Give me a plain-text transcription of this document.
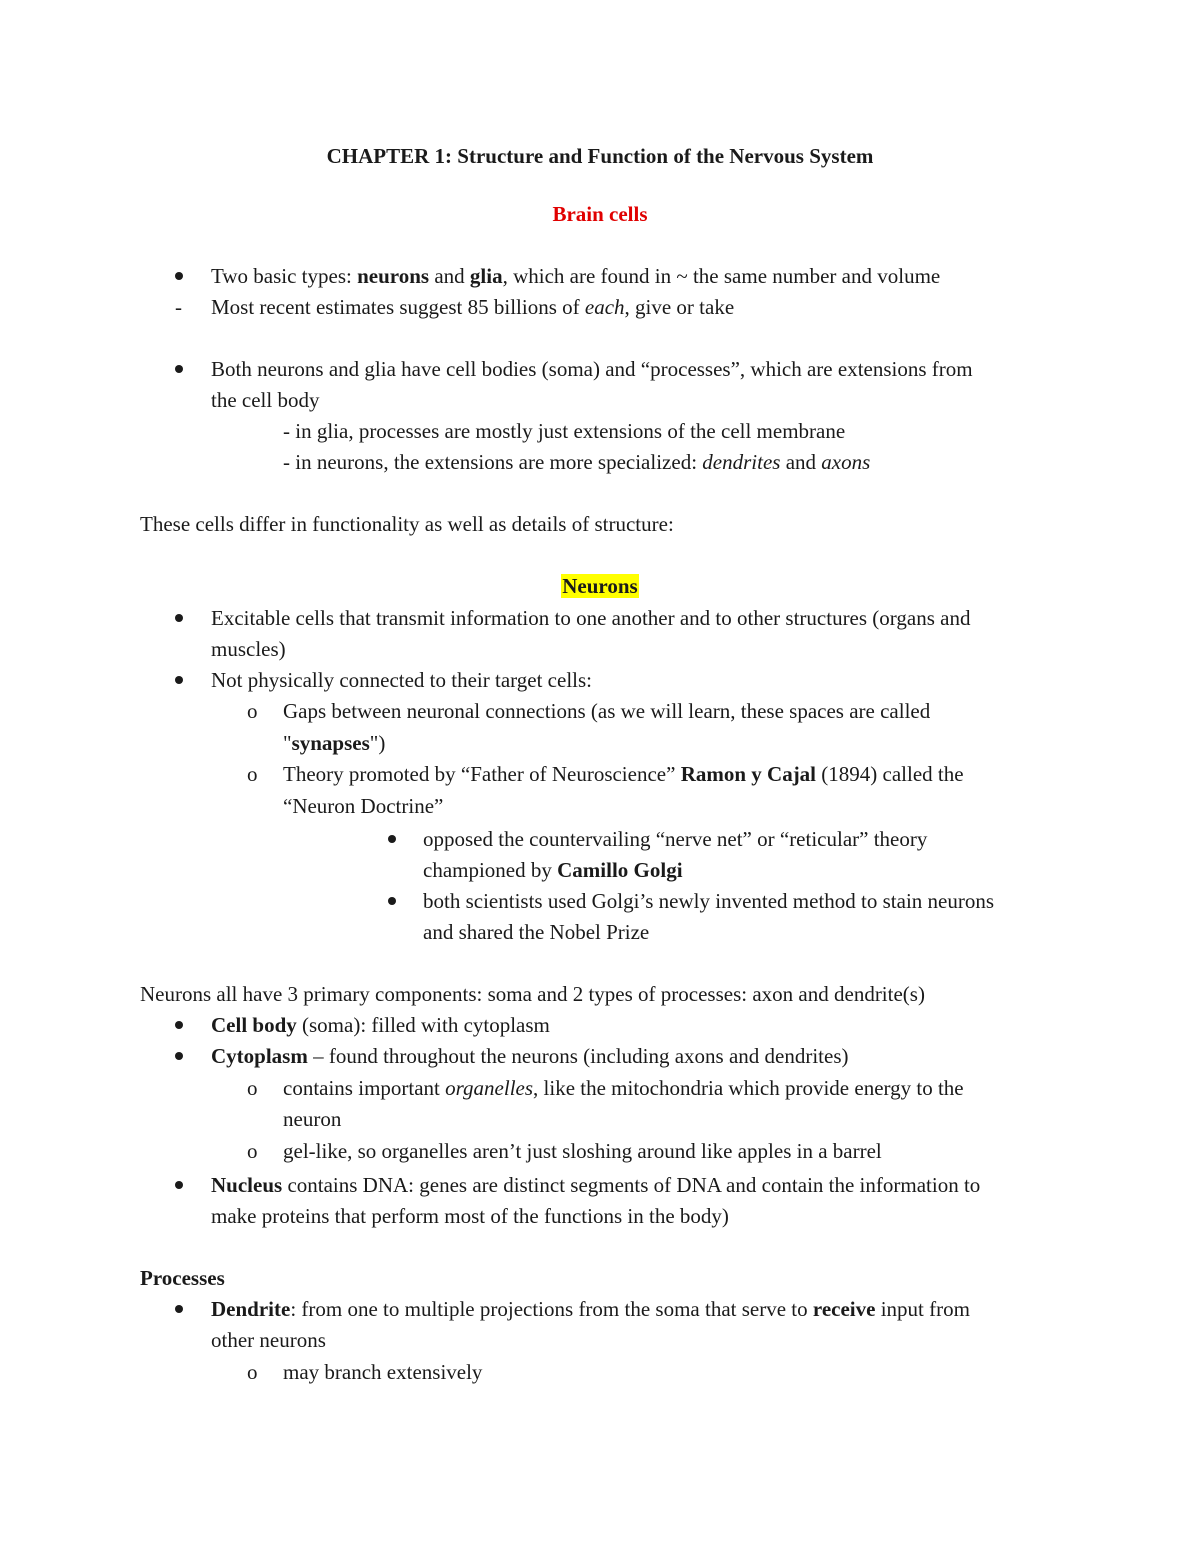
CHAPTER 1: Structure and Function of the Nervous System
Brain cells
Two basic types: neurons and glia, which are found in ~ the same number and volume
- Most recent estimates suggest 85 billions of each, give or take
Both neurons and glia have cell bodies (soma) and “processes”, which are extensions from
the cell body
- in glia, processes are mostly just extensions of the cell membrane
- in neurons, the extensions are more specialized: dendrites and axons
These cells differ in functionality as well as details of structure:
Neurons
Excitable cells that transmit information to one another and to other structures (organs and
muscles)
Not physically connected to their target cells:
o Gaps between neuronal connections (as we will learn, these spaces are called
"synapses")
o Theory promoted by “Father of Neuroscience” Ramon y Cajal (1894) called the
“Neuron Doctrine”
opposed the countervailing “nerve net” or “reticular” theory
championed by Camillo Golgi
both scientists used Golgi’s newly invented method to stain neurons
and shared the Nobel Prize
Neurons all have 3 primary components: soma and 2 types of processes: axon and dendrite(s)
Cell body (soma): filled with cytoplasm
Cytoplasm – found throughout the neurons (including axons and dendrites)
o contains important organelles, like the mitochondria which provide energy to the
neuron
o gel-like, so organelles aren’t just sloshing around like apples in a barrel
Nucleus contains DNA: genes are distinct segments of DNA and contain the information to
make proteins that perform most of the functions in the body)
Processes
Dendrite: from one to multiple projections from the soma that serve to receive input from
other neurons
o may branch extensively
